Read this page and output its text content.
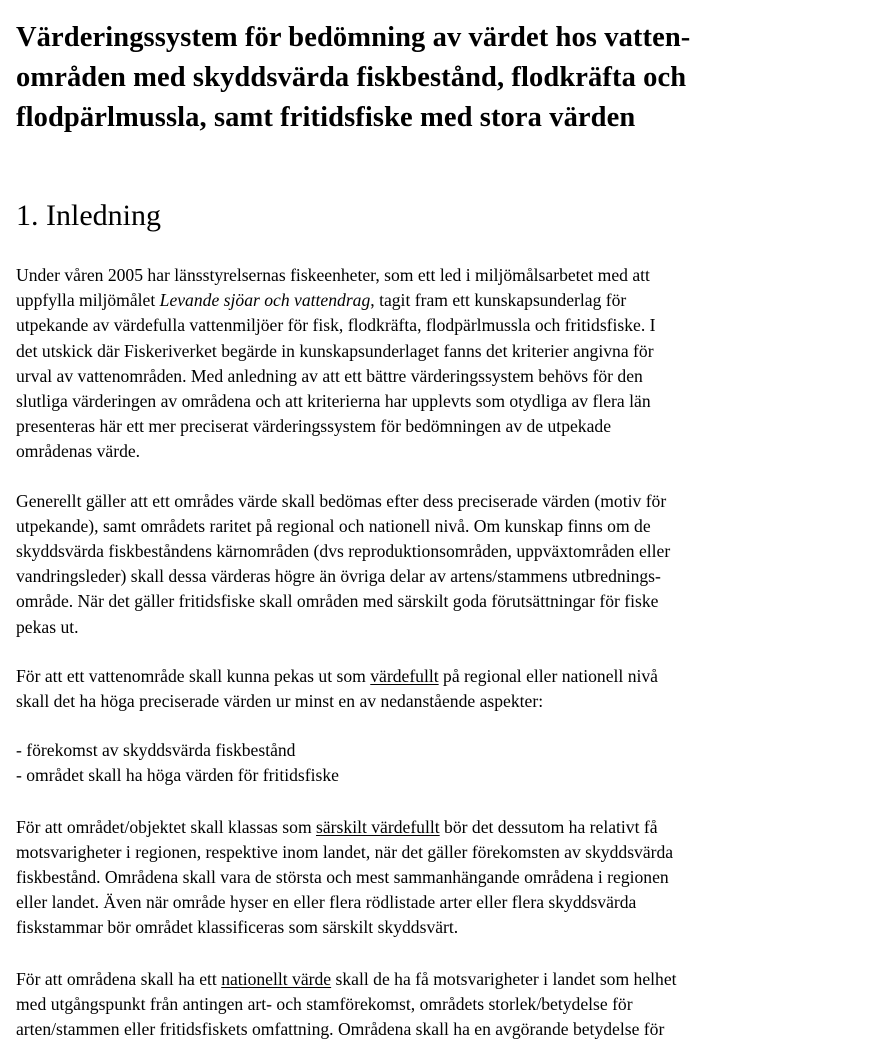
Värderingssystem för bedömning av värdet hos vatten-
områden med skyddsvärda fiskbestånd, flodkräfta och
flodpärlmussla, samt fritidsfiske med stora värden
1. Inledning

Under våren 2005 har länsstyrelsernas fiskeenheter, som ett led i miljömålsarbetet med att
uppfylla miljömålet Levande sjöar och vattendrag, tagit fram ett kunskapsunderlag för
utpekande av värdefulla vattenmiljöer för fisk, flodkräfta, flodpärlmussla och fritidsfiske. I
det utskick där Fiskeriverket begärde in kunskapsunderlaget fanns det kriterier angivna för
urval av vattenområden. Med anledning av att ett bättre värderingssystem behövs för den
slutliga värderingen av områdena och att kriterierna har upplevts som otydliga av flera län
presenteras här ett mer preciserat värderingssystem för bedömningen av de utpekade
områdenas värde.

Generellt gäller att ett områdes värde skall bedömas efter dess preciserade värden (motiv för
utpekande), samt områdets raritet på regional och nationell nivå. Om kunskap finns om de
skyddsvärda fiskbeståndens kärnområden (dvs reproduktionsområden, uppväxtområden eller
vandringsleder) skall dessa värderas högre än övriga delar av artens/stammens utbrednings-
område. När det gäller fritidsfiske skall områden med särskilt goda förutsättningar för fiske
pekas ut.

För att ett vattenområde skall kunna pekas ut som värdefullt på regional eller nationell nivå
skall det ha höga preciserade värden ur minst en av nedanstående aspekter:

- förekomst av skyddsvärda fiskbestånd
- området skall ha höga värden för fritidsfiske

För att området/objektet skall klassas som särskilt värdefullt bör det dessutom ha relativt få
motsvarigheter i regionen, respektive inom landet, när det gäller förekomsten av skyddsvärda
fiskbestånd. Områdena skall vara de största och mest sammanhängande områdena i regionen
eller landet. Även när område hyser en eller flera rödlistade arter eller flera skyddsvärda
fiskstammar bör området klassificeras som särskilt skyddsvärt.

För att områdena skall ha ett nationellt värde skall de ha få motsvarigheter i landet som helhet
med utgångspunkt från antingen art- och stamförekomst, områdets storlek/betydelse för
arten/stammen eller fritidsfiskets omfattning. Områdena skall ha en avgörande betydelse för
